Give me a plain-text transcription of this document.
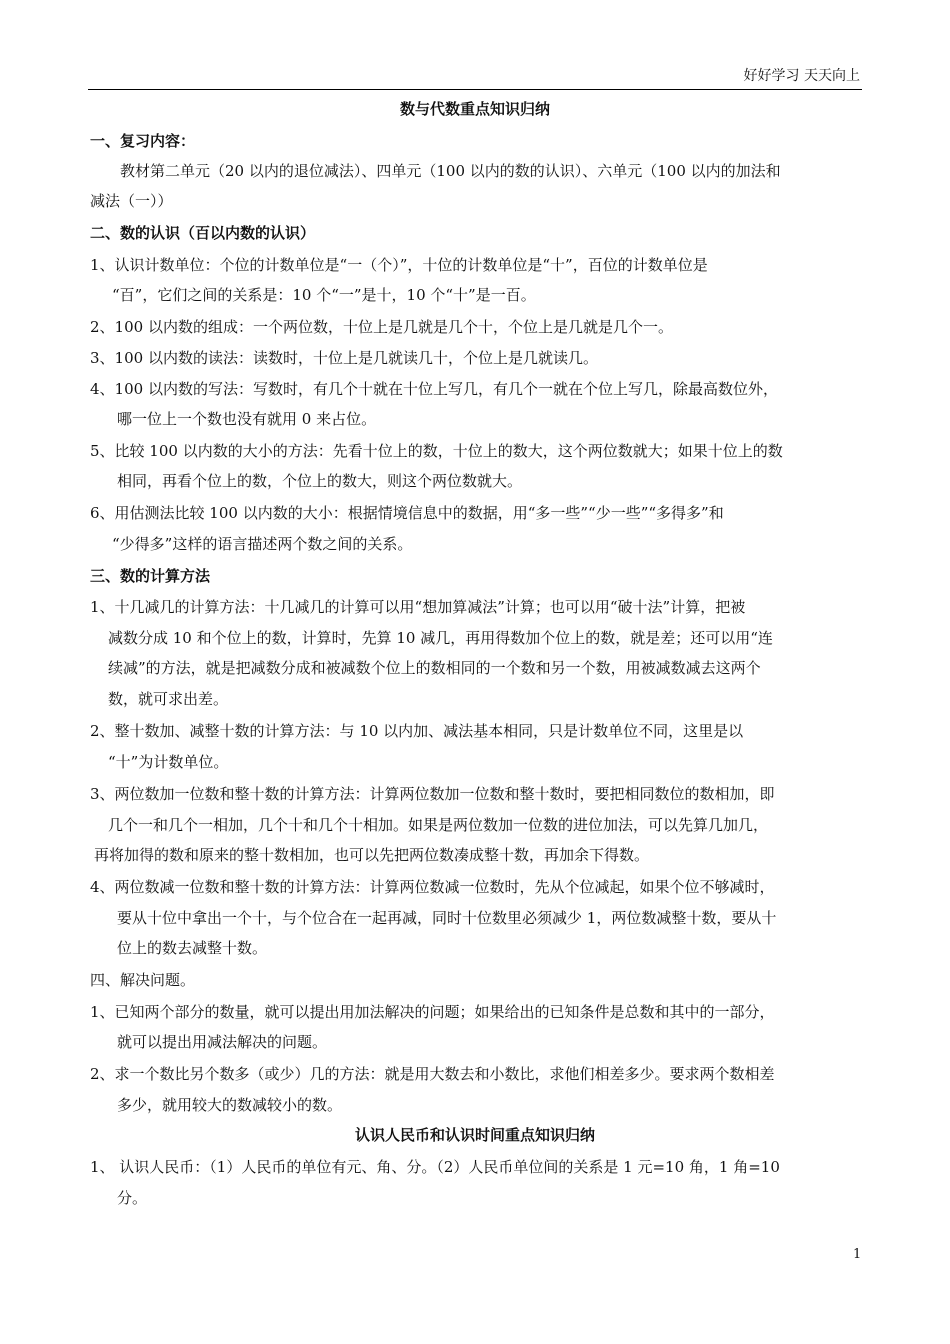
好好学习 天天向上
数与代数重点知识归纳
一、复习内容：
教材第二单元（20 以内的退位减法）、四单元（100 以内的数的认识）、六单元（100 以内的加法和
减法（一））
二、数的认识（百以内数的认识）
1、认识计数单位：个位的计数单位是“一（个）”，十位的计数单位是“十”，百位的计数单位是
“百”，它们之间的关系是：10 个“一”是十，10 个“十”是一百。
2、100 以内数的组成：一个两位数，十位上是几就是几个十，个位上是几就是几个一。
3、100 以内数的读法：读数时，十位上是几就读几十，个位上是几就读几。
4、100 以内数的写法：写数时，有几个十就在十位上写几，有几个一就在个位上写几，除最高数位外，
哪一位上一个数也没有就用 0 来占位。
5、比较 100 以内数的大小的方法：先看十位上的数，十位上的数大，这个两位数就大；如果十位上的数
相同，再看个位上的数，个位上的数大，则这个两位数就大。
6、用估测法比较 100 以内数的大小：根据情境信息中的数据，用“多一些”“少一些”“多得多”和
“少得多”这样的语言描述两个数之间的关系。
三、数的计算方法
1、十几减几的计算方法：十几减几的计算可以用“想加算减法”计算；也可以用“破十法”计算，把被
减数分成 10 和个位上的数，计算时，先算 10 减几，再用得数加个位上的数，就是差；还可以用“连
续减”的方法，就是把减数分成和被减数个位上的数相同的一个数和另一个数，用被减数减去这两个
数，就可求出差。
2、整十数加、减整十数的计算方法：与 10 以内加、减法基本相同，只是计数单位不同，这里是以
“十”为计数单位。
3、两位数加一位数和整十数的计算方法：计算两位数加一位数和整十数时，要把相同数位的数相加，即
几个一和几个一相加，几个十和几个十相加。如果是两位数加一位数的进位加法，可以先算几加几，
再将加得的数和原来的整十数相加，也可以先把两位数凑成整十数，再加余下得数。
4、两位数减一位数和整十数的计算方法：计算两位数减一位数时，先从个位减起，如果个位不够减时，
要从十位中拿出一个十，与个位合在一起再减，同时十位数里必须减少 1，两位数减整十数，要从十
位上的数去减整十数。
四、解决问题。
1、已知两个部分的数量，就可以提出用加法解决的问题；如果给出的已知条件是总数和其中的一部分，
就可以提出用减法解决的问题。
2、求一个数比另个数多（或少）几的方法：就是用大数去和小数比，求他们相差多少。要求两个数相差
多少，就用较大的数减较小的数。
认识人民币和认识时间重点知识归纳
1、 认识人民币：（1）人民币的单位有元、角、分。（2）人民币单位间的关系是 1 元=10 角，1 角=10
分。
1
